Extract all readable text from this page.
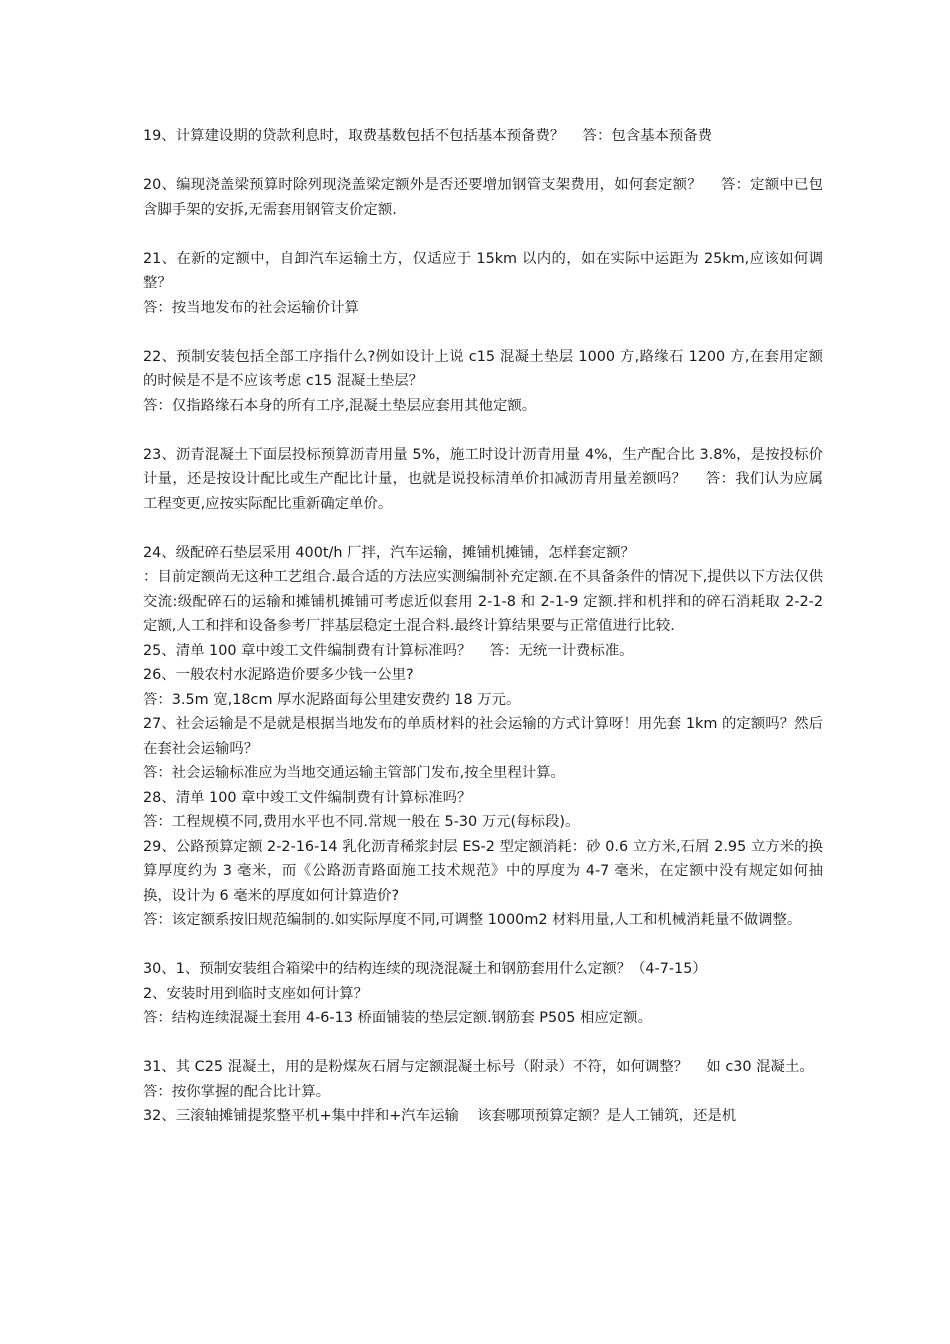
19、计算建设期的贷款利息时，取费基数包括不包括基本预备费？    答：包含基本预备费

20、编现浇盖梁预算时除列现浇盖梁定额外是否还要增加钢管支架费用，如何套定额？    答：定额中已包含脚手架的安拆,无需套用钢管支价定额.

21、在新的定额中，自卸汽车运输土方，仅适应于 15km 以内的，如在实际中运距为 25km,应该如何调整？

答：按当地发布的社会运输价计算

22、预制安装包括全部工序指什么?例如设计上说 c15 混凝土垫层 1000 方,路缘石 1200 方,在套用定额的时候是不是不应该考虑 c15 混凝土垫层？

答：仅指路缘石本身的所有工序,混凝土垫层应套用其他定额。

23、沥青混凝土下面层投标预算沥青用量 5%，施工时设计沥青用量 4%，生产配合比 3.8%，是按投标价计量，还是按设计配比或生产配比计量，也就是说投标清单价扣减沥青用量差额吗？    答：我们认为应属工程变更,应按实际配比重新确定单价。

24、级配碎石垫层采用 400t/h 厂拌，汽车运输，摊铺机摊铺，怎样套定额？

：目前定额尚无这种工艺组合.最合适的方法应实测编制补充定额.在不具备条件的情况下,提供以下方法仅供交流:级配碎石的运输和摊铺机摊铺可考虑近似套用 2-1-8 和 2-1-9 定额.拌和机拌和的碎石消耗取 2-2-2 定额,人工和拌和设备参考厂拌基层稳定土混合料.最终计算结果要与正常值进行比较.

25、清单 100 章中竣工文件编制费有计算标准吗？    答：无统一计费标准。

26、一般农村水泥路造价要多少钱一公里?

答：3.5m 宽,18cm 厚水泥路面每公里建安费约 18 万元。

27、社会运输是不是就是根据当地发布的单质材料的社会运输的方式计算呀！用先套 1km 的定额吗？然后在套社会运输吗？

答：社会运输标准应为当地交通运输主管部门发布,按全里程计算。

28、清单 100 章中竣工文件编制费有计算标准吗？

答：工程规模不同,费用水平也不同.常规一般在 5-30 万元(每标段)。

29、公路预算定额 2-2-16-14 乳化沥青稀浆封层 ES-2 型定额消耗：砂 0.6 立方米,石屑 2.95 立方米的换算厚度约为 3 毫米，而《公路沥青路面施工技术规范》中的厚度为 4-7 毫米，在定额中没有规定如何抽换，设计为 6 毫米的厚度如何计算造价?

答：该定额系按旧规范编制的.如实际厚度不同,可调整 1000m2 材料用量,人工和机械消耗量不做调整。

30、1、预制安装组合箱梁中的结构连续的现浇混凝土和钢筋套用什么定额？（4-7-15）

2、安装时用到临时支座如何计算？

答：结构连续混凝土套用 4-6-13 桥面铺装的垫层定额.钢筋套 P505 相应定额。

31、其 C25 混凝土，用的是粉煤灰石屑与定额混凝土标号（附录）不符，如何调整？    如 c30 混凝土。

答：按你掌握的配合比计算。

32、三滚轴摊铺提浆整平机+集中拌和+汽车运输    该套哪项预算定额？是人工铺筑，还是机
